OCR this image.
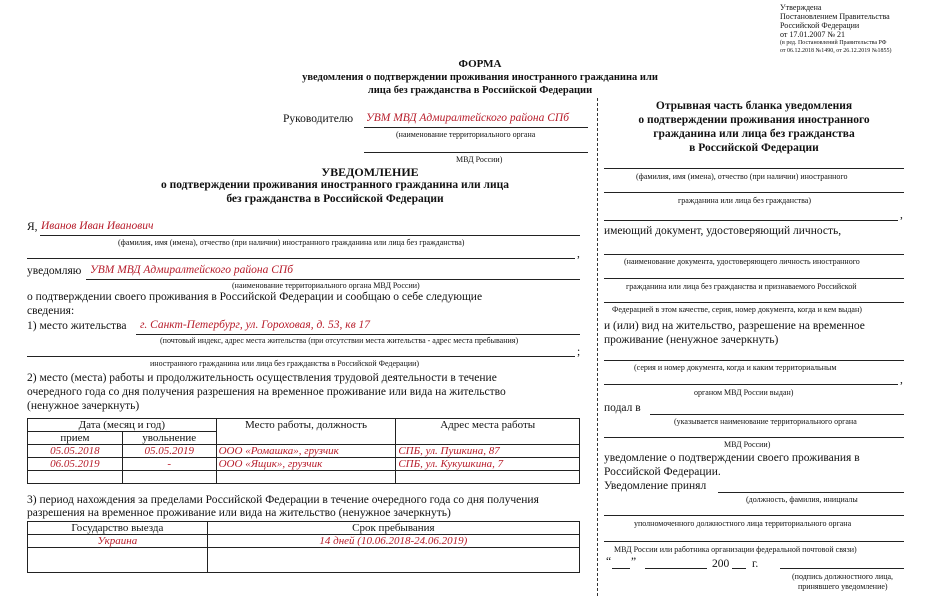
Утверждена
Постановлением Правительства
Российской Федерации
от 17.01.2007 № 21
(в ред. Постановлений Правительства РФ
от 06.12.2018 №1490, от 26.12.2019 №1855)
ФОРМА
уведомления о подтверждении проживания иностранного гражданина или
лица без гражданства в Российской Федерации
Руководителю УВМ МВД Адмиралтейского района СПб
(наименование территориального органа
МВД России)
УВЕДОМЛЕНИЕ
о подтверждении проживания иностранного гражданина или лица
без гражданства в Российской Федерации
Я, Иванов Иван Иванович
(фамилия, имя (имена), отчество (при наличии) иностранного гражданина или лица без гражданства)
,
уведомляю УВМ МВД Адмиралтейского района СПб
(наименование территориального органа МВД России)
о подтверждении своего проживания в Российской Федерации и сообщаю о себе следующие
сведения:
1) место жительства г. Санкт-Петербург, ул. Гороховая, д. 53, кв 17
(почтовый индекс, адрес места жительства (при отсутствии места жительства - адрес места пребывания)
;
иностранного гражданина или лица без гражданства в Российской Федерации)
2) место (места) работы и продолжительность осуществления трудовой деятельности в течение
очередного года со дня получения разрешения на временное проживание или вида на жительство
(ненужное зачеркнуть)
Дата (месяц и год)		Место работы, должность	Адрес места работы
прием	увольнение		
05.05.2018	05.05.2019	ООО «Ромашка», грузчик	СПБ, ул. Пушкина, 87
06.05.2019	-	ООО «Ящик», грузчик	СПБ, ул. Кукушкина, 7

3) период нахождения за пределами Российской Федерации в течение очередного года со дня получения
разрешения на временное проживание или вида на жительство (ненужное зачеркнуть)
Государство выезда	Срок пребывания
Украина	14 дней (10.06.2018-24.06.2019)

Отрывная часть бланка уведомления
о подтверждении проживания иностранного
гражданина или лица без гражданства
в Российской Федерации
(фамилия, имя (имена), отчество (при наличии) иностранного
гражданина или лица без гражданства)
,
имеющий документ, удостоверяющий личность,
(наименование документа, удостоверяющего личность иностранного
гражданина или лица без гражданства и признаваемого Российской
Федерацией в этом качестве, серия, номер документа, когда и кем выдан)
и (или) вид на жительство, разрешение на временное
проживание (ненужное зачеркнуть)
(серия и номер документа, когда и каким территориальным
,
органом МВД России выдан)
подал в
(указывается наименование территориального органа
МВД России)
уведомление о подтверждении своего проживания в
Российской Федерации.
Уведомление принял
(должность, фамилия, инициалы
уполномоченного должностного лица территориального органа
МВД России или работника организации федеральной почтовой связи)
“ ”	200 г.
(подпись должностного лица,
принявшего уведомление)
